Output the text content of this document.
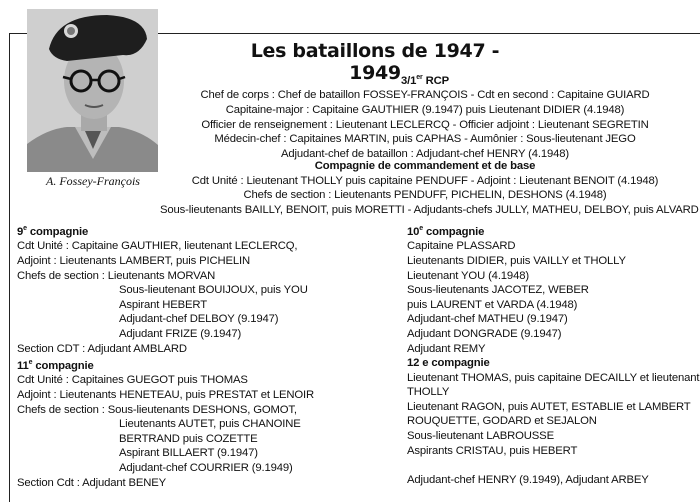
A. Fossey-François
Les bataillons de 1947 - 1949 3/1er RCP
Chef de corps : Chef de bataillon FOSSEY-FRANÇOIS - Cdt en second : Capitaine GUIARD
Capitaine-major : Capitaine GAUTHIER (9.1947) puis Lieutenant DIDIER (4.1948)
Officier de renseignement : Lieutenant LECLERCQ - Officier adjoint : Lieutenant SEGRETIN
Médecin-chef : Capitaines MARTIN, puis CAPHAS - Aumônier : Sous-lieutenant JEGO
Adjudant-chef de bataillon : Adjudant-chef HENRY (4.1948)
Compagnie de commandement et de base
Cdt Unité : Lieutenant THOLLY puis capitaine PENDUFF - Adjoint : Lieutenant BENOIT (4.1948)
Chefs de section : Lieutenants PENDUFF, PICHELIN, DESHONS (4.1948)
Sous-lieutenants BAILLY, BENOIT, puis MORETTI - Adjudants-chefs JULLY, MATHEU, DELBOY, puis ALVARD
9e compagnie
Cdt Unité : Capitaine GAUTHIER, lieutenant LECLERCQ,
Adjoint : Lieutenants LAMBERT, puis PICHELIN
Chefs de section : Lieutenants MORVAN
Sous-lieutenant BOUIJOUX, puis YOU
Aspirant HEBERT
Adjudant-chef DELBOY (9.1947)
Adjudant FRIZE (9.1947)
Section CDT : Adjudant AMBLARD
10e compagnie
Capitaine PLASSARD
Lieutenants DIDIER, puis VAILLY et THOLLY
Lieutenant YOU (4.1948)
Sous-lieutenants JACOTEZ, WEBER
puis LAURENT et VARDA (4.1948)
Adjudant-chef MATHEU (9.1947)
Adjudant DONGRADE (9.1947)
Adjudant REMY
11e compagnie
Cdt Unité : Capitaines GUEGOT puis THOMAS
Adjoint : Lieutenants HENETEAU, puis PRESTAT et LENOIR
Chefs de section : Sous-lieutenants DESHONS, GOMOT,
Lieutenants AUTET, puis CHANOINE
BERTRAND puis COZETTE
Aspirant BILLAERT (9.1947)
Adjudant-chef COURRIER (9.1949)
Section Cdt : Adjudant BENEY
12 e compagnie
Lieutenant THOMAS, puis capitaine DECAILLY et lieutenant
THOLLY
Lieutenant RAGON, puis AUTET, ESTABLIE et LAMBERT
ROUQUETTE, GODARD et SEJALON
Sous-lieutenant LABROUSSE
Aspirants CRISTAU, puis HEBERT
Adjudant-chef HENRY (9.1949), Adjudant ARBEY
